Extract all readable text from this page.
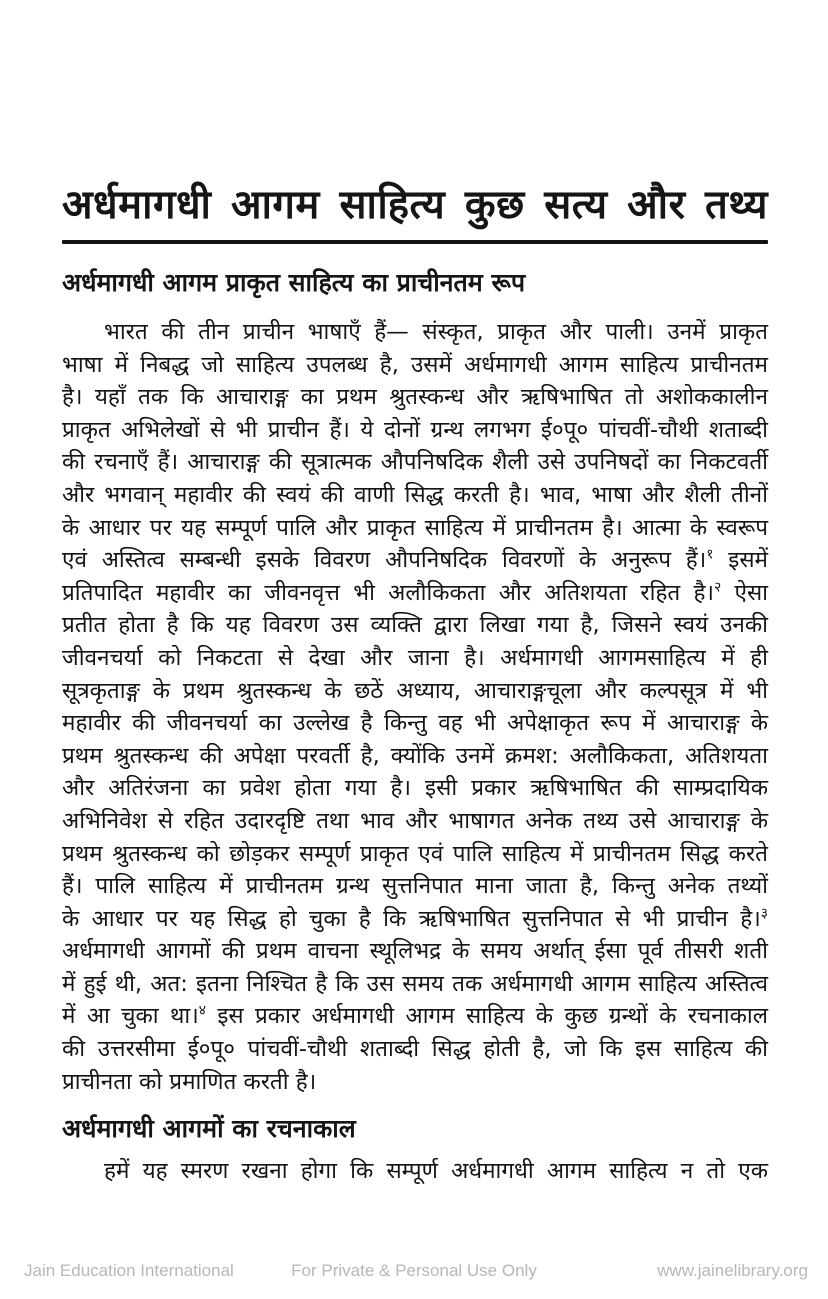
अर्धमागधी आगम साहित्य कुछ सत्य और तथ्य
अर्धमागधी आगम प्राकृत साहित्य का प्राचीनतम रूप
भारत की तीन प्राचीन भाषाएँ हैं— संस्कृत, प्राकृत और पाली। उनमें प्राकृत
भाषा में निबद्ध जो साहित्य उपलब्ध है, उसमें अर्धमागधी आगम साहित्य प्राचीनतम
है। यहाँ तक कि आचाराङ्ग का प्रथम श्रुतस्कन्ध और ऋषिभाषित तो अशोककालीन
प्राकृत अभिलेखों से भी प्राचीन हैं। ये दोनों ग्रन्थ लगभग ई०पू० पांचवीं-चौथी शताब्दी
की रचनाएँ हैं। आचाराङ्ग की सूत्रात्मक औपनिषदिक शैली उसे उपनिषदों का निकटवर्ती
और भगवान् महावीर की स्वयं की वाणी सिद्ध करती है। भाव, भाषा और शैली तीनों
के आधार पर यह सम्पूर्ण पालि और प्राकृत साहित्य में प्राचीनतम है। आत्मा के स्वरूप
एवं अस्तित्व सम्बन्धी इसके विवरण औपनिषदिक विवरणों के अनुरूप हैं।$^१$ इसमें
प्रतिपादित महावीर का जीवनवृत्त भी अलौकिकता और अतिशयता रहित है।$^२$ ऐसा
प्रतीत होता है कि यह विवरण उस व्यक्ति द्वारा लिखा गया है, जिसने स्वयं उनकी
जीवनचर्या को निकटता से देखा और जाना है। अर्धमागधी आगमसाहित्य में ही
सूत्रकृताङ्ग के प्रथम श्रुतस्कन्ध के छठें अध्याय, आचाराङ्गचूला और कल्पसूत्र में भी
महावीर की जीवनचर्या का उल्लेख है किन्तु वह भी अपेक्षाकृत रूप में आचाराङ्ग के
प्रथम श्रुतस्कन्ध की अपेक्षा परवर्ती है, क्योंकि उनमें क्रमश: अलौकिकता, अतिशयता
और अतिरंजना का प्रवेश होता गया है। इसी प्रकार ऋषिभाषित की साम्प्रदायिक
अभिनिवेश से रहित उदारदृष्टि तथा भाव और भाषागत अनेक तथ्य उसे आचाराङ्ग के
प्रथम श्रुतस्कन्ध को छोड़कर सम्पूर्ण प्राकृत एवं पालि साहित्य में प्राचीनतम सिद्ध करते
हैं। पालि साहित्य में प्राचीनतम ग्रन्थ सुत्तनिपात माना जाता है, किन्तु अनेक तथ्यों
के आधार पर यह सिद्ध हो चुका है कि ऋषिभाषित सुत्तनिपात से भी प्राचीन है।$^३$
अर्धमागधी आगमों की प्रथम वाचना स्थूलिभद्र के समय अर्थात् ईसा पूर्व तीसरी शती
में हुई थी, अत: इतना निश्चित है कि उस समय तक अर्धमागधी आगम साहित्य अस्तित्व
में आ चुका था।$^४$ इस प्रकार अर्धमागधी आगम साहित्य के कुछ ग्रन्थों के रचनाकाल
की उत्तरसीमा ई०पू० पांचवीं-चौथी शताब्दी सिद्ध होती है, जो कि इस साहित्य की
प्राचीनता को प्रमाणित करती है।
अर्धमागधी आगमों का रचनाकाल
हमें यह स्मरण रखना होगा कि सम्पूर्ण अर्धमागधी आगम साहित्य न तो एक
Jain Education International	For Private & Personal Use Only	www.jainelibrary.org
